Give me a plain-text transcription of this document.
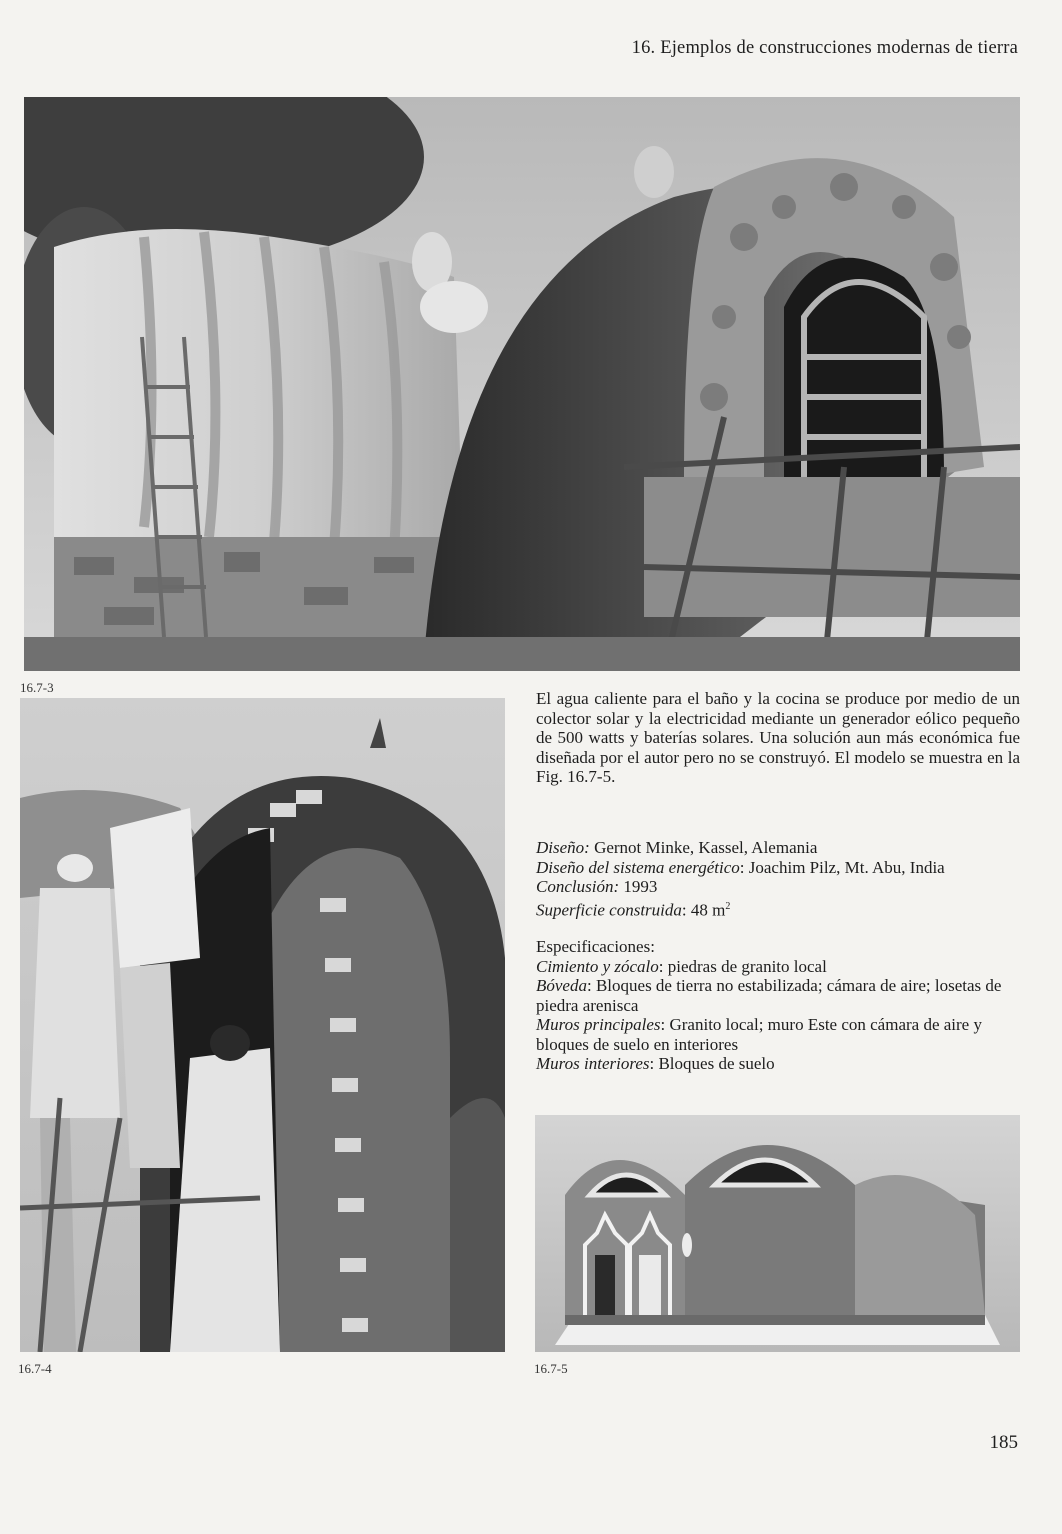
16. Ejemplos de construcciones modernas de tierra
16.7-3
16.7-4

El agua caliente para el baño y la cocina se produce por medio de un colector solar y la electricidad mediante un generador eólico pequeño de 500 watts y baterías solares. Una solución aun más económica fue diseñada por el autor pero no se construyó. El modelo se muestra en la Fig. 16.7-5.

Diseño: Gernot Minke, Kassel, Alemania
Diseño del sistema energético: Joachim Pilz, Mt. Abu, India
Conclusión: 1993
Superficie construida: 48 $m^2$
Especificaciones:
Cimiento y zócalo: piedras de granito local
Bóveda: Bloques de tierra no estabilizada; cámara de aire; losetas de piedra arenisca
Muros principales: Granito local; muro Este con cámara de aire y bloques de suelo en interiores
Muros interiores: Bloques de suelo
16.7-5
185
